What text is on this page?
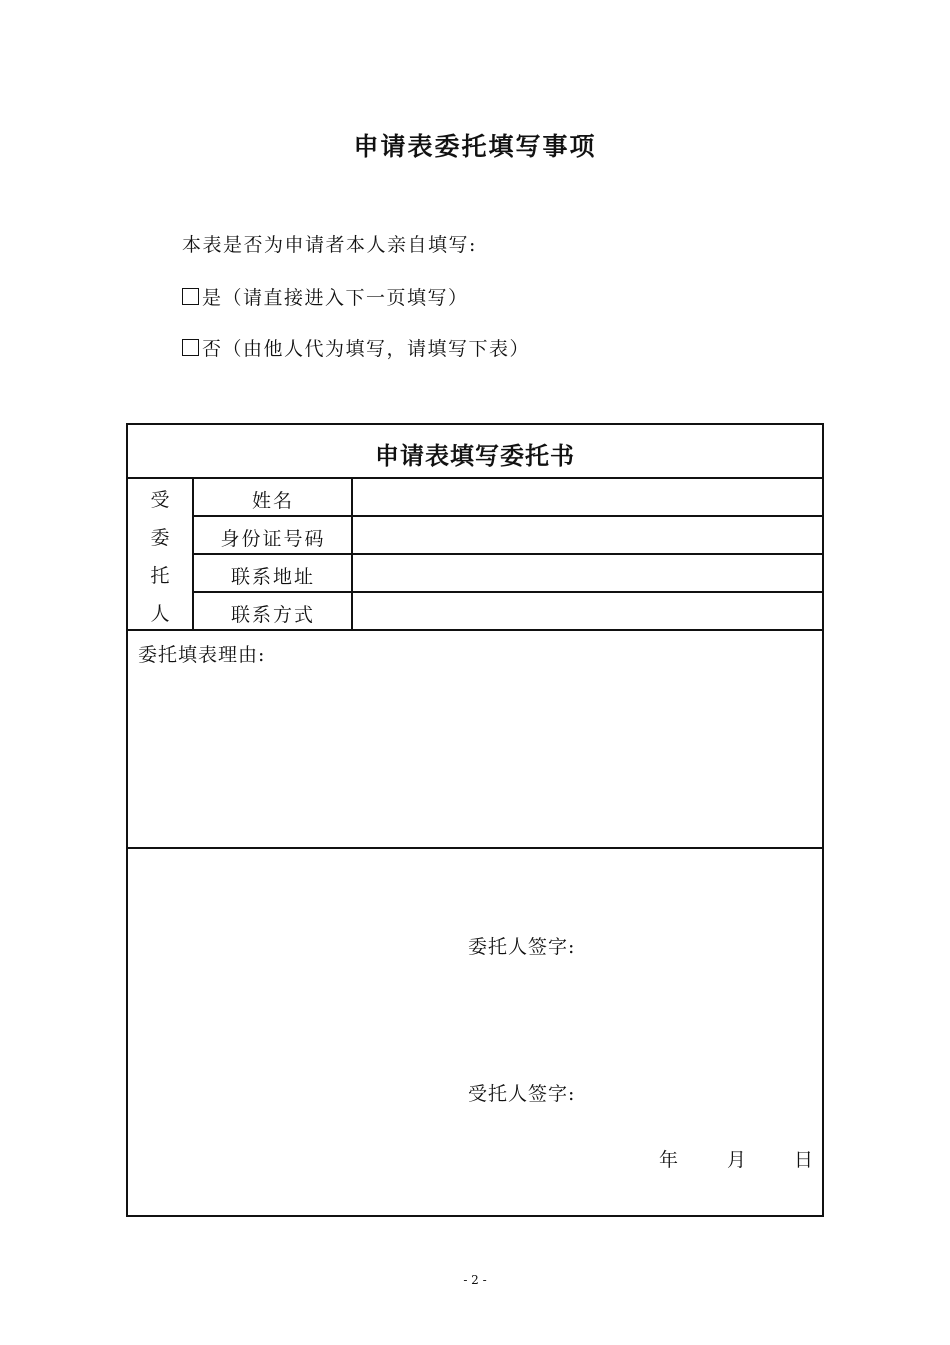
申请表委托填写事项
本表是否为申请者本人亲自填写:
是（请直接进入下一页填写）
否（由他人代为填写，请填写下表）
申请表填写委托书
受
委
托
人
姓名
身份证号码
联系地址
联系方式
委托填表理由:
委托人签字:
受托人签字:
年	月	日
- 2 -
